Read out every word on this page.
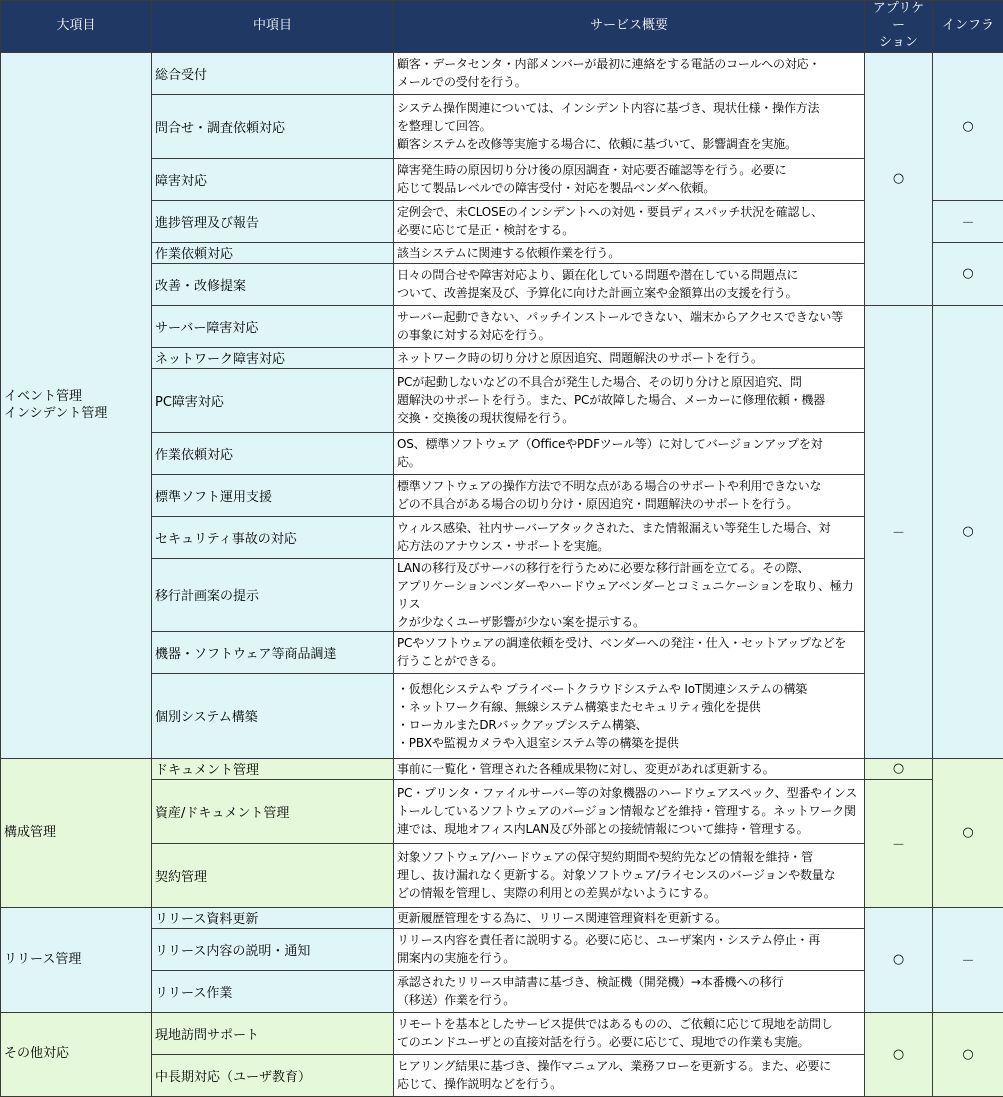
大項目	中項目	サービス概要	アプリケー
ション	インフラ
イベント管理
インシデント管理	総合受付	顧客・データセンタ・内部メンバーが最初に連絡をする電話のコールへの対応・
メールでの受付を行う。	○	○
	問合せ・調査依頼対応	システム操作関連については、インシデント内容に基づき、現状仕様・操作方法
を整理して回答。
顧客システムを改修等実施する場合に、依頼に基づいて、影響調査を実施。		
	障害対応	障害発生時の原因切り分け後の原因調査・対応要否確認等を行う。必要に
応じて製品レベルでの障害受付・対応を製品ベンダへ依頼。		
	進捗管理及び報告	定例会で、未CLOSEのインシデントへの対処・要員ディスパッチ状況を確認し、
必要に応じて是正・検討をする。		－
	作業依頼対応	該当システムに関連する依頼作業を行う。		○
	改善・改修提案	日々の問合せや障害対応より、顕在化している問題や潜在している問題点に
ついて、改善提案及び、予算化に向けた計画立案や金額算出の支援を行う。		
	サーバー障害対応	サーバー起動できない、パッチインストールできない、端末からアクセスできない等
の事象に対する対応を行う。	－	○
	ネットワーク障害対応	ネットワーク時の切り分けと原因追究、問題解決のサポートを行う。		
	PC障害対応	PCが起動しないなどの不具合が発生した場合、その切り分けと原因追究、問
題解決のサポートを行う。また、PCが故障した場合、メーカーに修理依頼・機器
交換・交換後の現状復帰を行う。		
	作業依頼対応	OS、標準ソフトウェア（OfficeやPDFツール等）に対してバージョンアップを対
応。		
	標準ソフト運用支援	標準ソフトウェアの操作方法で不明な点がある場合のサポートや利用できないな
どの不具合がある場合の切り分け・原因追究・問題解決のサポートを行う。		
	セキュリティ事故の対応	ウィルス感染、社内サーバーアタックされた、また情報漏えい等発生した場合、対
応方法のアナウンス・サポートを実施。		
	移行計画案の提示	LANの移行及びサーバの移行を行うために必要な移行計画を立てる。その際、
アプリケーションベンダーやハードウェアベンダーとコミュニケーションを取り、極力リス
クが少なくユーザ影響が少ない案を提示する。		
	機器・ソフトウェア等商品調達	PCやソフトウェアの調達依頼を受け、ベンダーへの発注・仕入・セットアップなどを
行うことができる。		
	個別システム構築	・仮想化システムや プライベートクラウドシステムや IoT関連システムの構築
・ネットワーク有線、無線システム構築またセキュリティ強化を提供
・ローカルまたDRバックアップシステム構築、
・PBXや監視カメラや入退室システム等の構築を提供		
構成管理	ドキュメント管理	事前に一覧化・管理された各種成果物に対し、変更があれば更新する。	○	○
	資産/ドキュメント管理	PC・プリンタ・ファイルサーバー等の対象機器のハードウェアスペック、型番やインス
トールしているソフトウェアのバージョン情報などを維持・管理する。ネットワーク関
連では、現地オフィス内LAN及び外部との接続情報について維持・管理する。	－	
	契約管理	対象ソフトウェア/ハードウェアの保守契約期間や契約先などの情報を維持・管
理し、抜け漏れなく更新する。対象ソフトウェア/ライセンスのバージョンや数量な
どの情報を管理し、実際の利用との差異がないようにする。		
リリース管理	リリース資料更新	更新履歴管理をする為に、リリース関連管理資料を更新する。	○	－
	リリース内容の説明・通知	リリース内容を責任者に説明する。必要に応じ、ユーザ案内・システム停止・再
開案内の実施を行う。		
	リリース作業	承認されたリリース申請書に基づき、検証機（開発機）→本番機への移行
（移送）作業を行う。		
その他対応	現地訪問サポート	リモートを基本としたサービス提供ではあるものの、ご依頼に応じて現地を訪問し
てのエンドユーザとの直接対話を行う。必要に応じて、現地での作業も実施。	○	○
	中長期対応（ユーザ教育）	ヒアリング結果に基づき、操作マニュアル、業務フローを更新する。また、必要に
応じて、操作説明などを行う。		
